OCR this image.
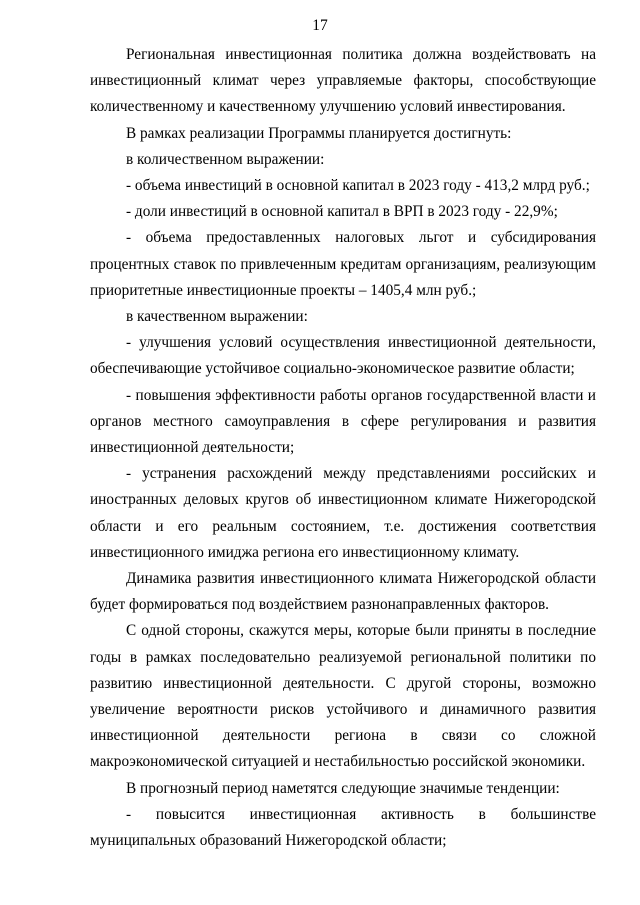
17

Региональная инвестиционная политика должна воздействовать на инвестиционный климат через управляемые факторы, способствующие количественному и качественному улучшению условий инвестирования.

В рамках реализации Программы планируется достигнуть:

в количественном выражении:

- объема инвестиций в основной капитал в 2023 году - 413,2 млрд руб.;

- доли инвестиций в основной капитал в ВРП в 2023 году - 22,9%;

- объема предоставленных налоговых льгот и субсидирования процентных ставок по привлеченным кредитам организациям, реализующим приоритетные инвестиционные проекты – 1405,4 млн руб.;

в качественном выражении:

- улучшения условий осуществления инвестиционной деятельности, обеспечивающие устойчивое социально-экономическое развитие области;

- повышения эффективности работы органов государственной власти и органов местного самоуправления в сфере регулирования и развития инвестиционной деятельности;

- устранения расхождений между представлениями российских и иностранных деловых кругов об инвестиционном климате Нижегородской области и его реальным состоянием, т.е. достижения соответствия инвестиционного имиджа региона его инвестиционному климату.

Динамика развития инвестиционного климата Нижегородской области будет формироваться под воздействием разнонаправленных факторов.

С одной стороны, скажутся меры, которые были приняты в последние годы в рамках последовательно реализуемой региональной политики по развитию инвестиционной деятельности. С другой стороны, возможно увеличение вероятности рисков устойчивого и динамичного развития инвестиционной деятельности региона в связи со сложной макроэкономической ситуацией и нестабильностью российской экономики.

В прогнозный период наметятся следующие значимые тенденции:

- повысится инвестиционная активность в большинстве муниципальных образований Нижегородской области;
